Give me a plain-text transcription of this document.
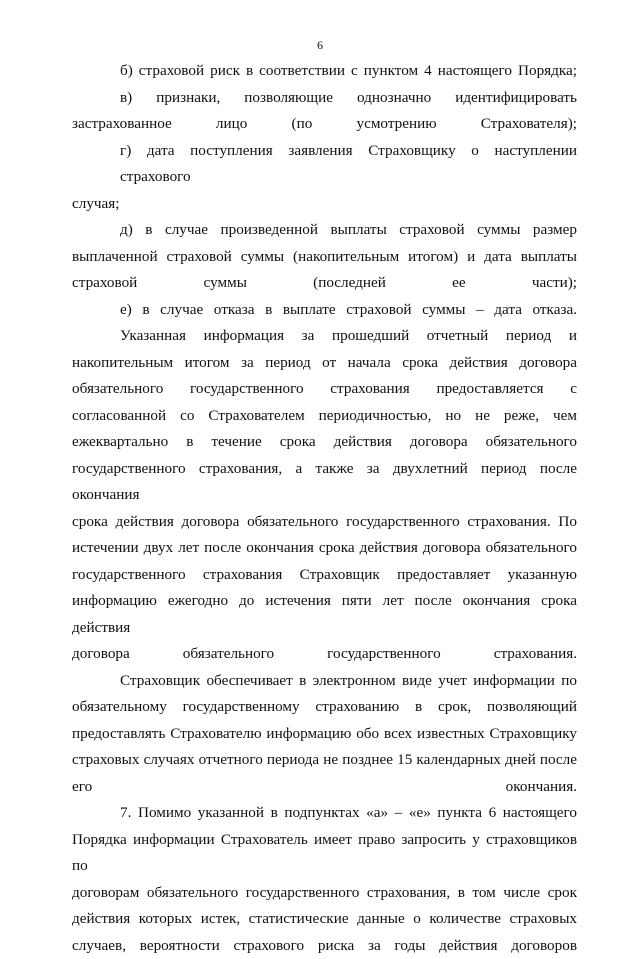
6
б) страховой риск в соответствии с пунктом 4 настоящего Порядка;
в) признаки, позволяющие однозначно идентифицировать
застрахованное лицо (по усмотрению Страхователя);
г) дата поступления заявления Страховщику о наступлении страхового
случая;
д) в случае произведенной выплаты страховой суммы размер
выплаченной страховой суммы (накопительным итогом) и дата выплаты
страховой суммы (последней ее части);
е) в случае отказа в выплате страховой суммы – дата отказа.
Указанная информация за прошедший отчетный период и
накопительным итогом за период от начала срока действия договора
обязательного государственного страхования предоставляется с
согласованной со Страхователем периодичностью, но не реже, чем
ежеквартально в течение срока действия договора обязательного
государственного страхования, а также за двухлетний период после окончания
срока действия договора обязательного государственного страхования. По
истечении двух лет после окончания срока действия договора обязательного
государственного страхования Страховщик предоставляет указанную
информацию ежегодно до истечения пяти лет после окончания срока действия
договора обязательного государственного страхования.
Страховщик обеспечивает в электронном виде учет информации по
обязательному государственному страхованию в срок, позволяющий
предоставлять Страхователю информацию обо всех известных Страховщику
страховых случаях отчетного периода не позднее 15 календарных дней после
его окончания.
7. Помимо указанной в подпунктах «а» – «е» пункта 6 настоящего
Порядка информации Страхователь имеет право запросить у страховщиков по
договорам обязательного государственного страхования, в том числе срок
действия которых истек, статистические данные о количестве страховых
случаев, вероятности страхового риска за годы действия договоров
